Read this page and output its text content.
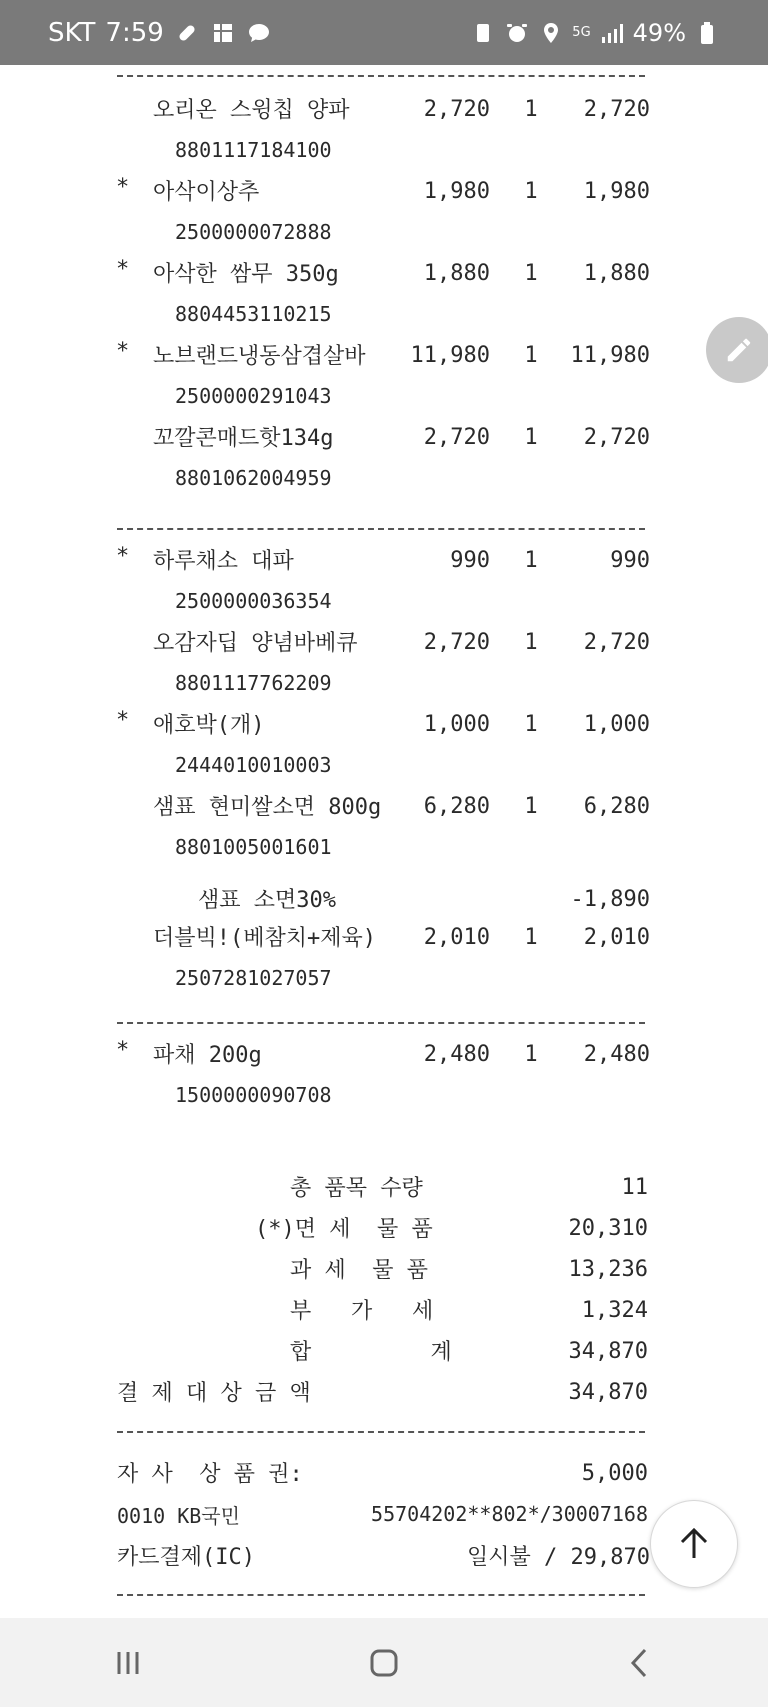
SKT 7:59	5G 49%
오리온 스윙칩 양파	2,720 1 2,720
8801117184100
* 아삭이상추	1,980 1 1,980
2500000072888
* 아삭한 쌈무 350g	1,880 1 1,880
8804453110215
* 노브랜드냉동삼겹살바 11,980 1 11,980
2500000291043
꼬깔콘매드핫134g	2,720 1 2,720
8801062004959
* 하루채소 대파	990 1	990
2500000036354
오감자딥 양념바베큐	2,720 1 2,720
8801117762209
* 애호박(개)	1,000 1 1,000
2444010010003
샘표 현미쌀소면 800g 6,280 1 6,280
8801005001601
샘표 소면30%	-1,890
더블빅!(베참치+제육) 2,010 1 2,010
2507281027057
* 파채 200g	2,480 1 2,480
1500000090708
총 품목 수량	11
(*)면 세  물 품	20,310
과 세  물 품	13,236
부   가   세	1,324
합         계	34,870
결 제 대 상 금 액	34,870
자 사  상 품 권:	5,000
0010 KB국민	55704202**802*/30007168
카드결제(IC)	일시불 / 29,870
